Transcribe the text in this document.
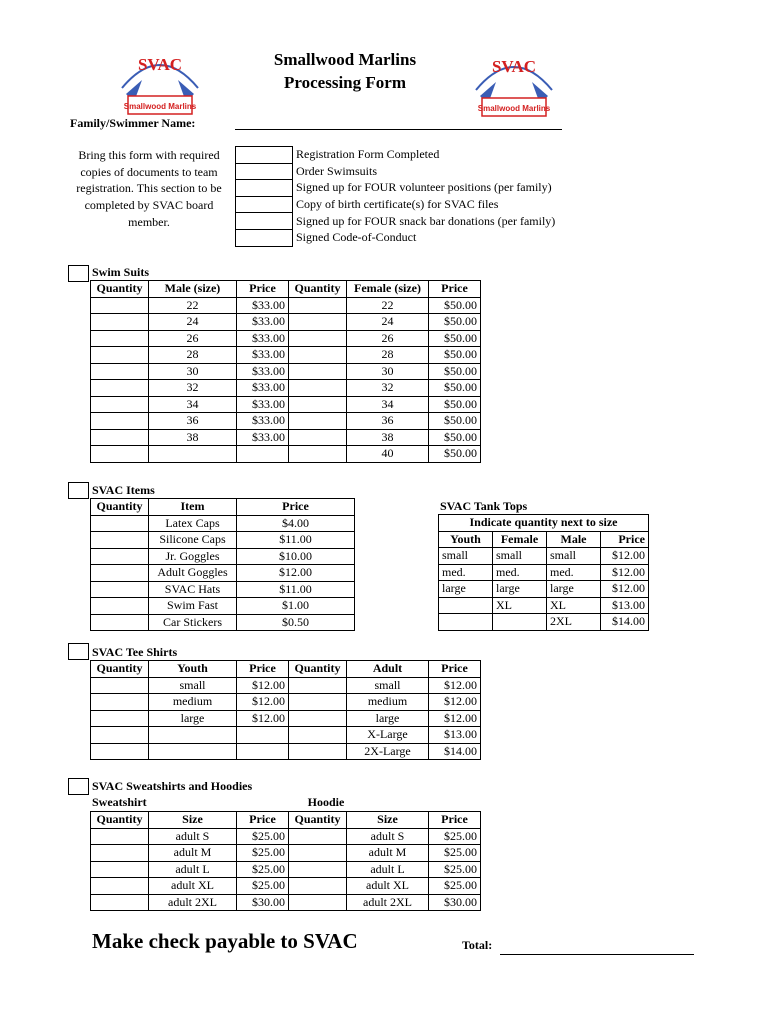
SVAC
Smallwood Marlins
SVAC
Smallwood Marlins
Smallwood Marlins
Processing Form
Family/Swimmer Name:
Bring this form with required copies of documents to team registration. This section to be completed by SVAC board member.
	Registration Form Completed
	Order Swimsuits
	Signed up for FOUR volunteer positions (per family)
	Copy of birth certificate(s) for SVAC files
	Signed up for FOUR snack bar donations (per family)
	Signed Code-of-Conduct
Swim Suits
Quantity	Male (size)	Price	Quantity	Female (size)	Price
	22	$33.00		22	$50.00
	24	$33.00		24	$50.00
	26	$33.00		26	$50.00
	28	$33.00		28	$50.00
	30	$33.00		30	$50.00
	32	$33.00		32	$50.00
	34	$33.00		34	$50.00
	36	$33.00		36	$50.00
	38	$33.00		38	$50.00
				40	$50.00
SVAC Items
Quantity	Item	Price
	Latex Caps	$4.00
	Silicone Caps	$11.00
	Jr. Goggles	$10.00
	Adult Goggles	$12.00
	SVAC Hats	$11.00
	Swim Fast	$1.00
	Car Stickers	$0.50
SVAC Tank Tops
Indicate quantity next to size			
Youth	Female	Male	Price
small	small	small	$12.00
med.	med.	med.	$12.00
large	large	large	$12.00
	XL	XL	$13.00
		2XL	$14.00
SVAC Tee Shirts
Quantity	Youth	Price	Quantity	Adult	Price
	small	$12.00		small	$12.00
	medium	$12.00		medium	$12.00
	large	$12.00		large	$12.00
				X-Large	$13.00
				2X-Large	$14.00
SVAC Sweatshirts and Hoodies
Sweatshirt	Hoodie
Quantity	Size	Price	Quantity	Size	Price
	adult S	$25.00		adult S	$25.00
	adult M	$25.00		adult M	$25.00
	adult L	$25.00		adult L	$25.00
	adult XL	$25.00		adult XL	$25.00
	adult 2XL	$30.00		adult 2XL	$30.00
Make check payable to SVAC	Total:
